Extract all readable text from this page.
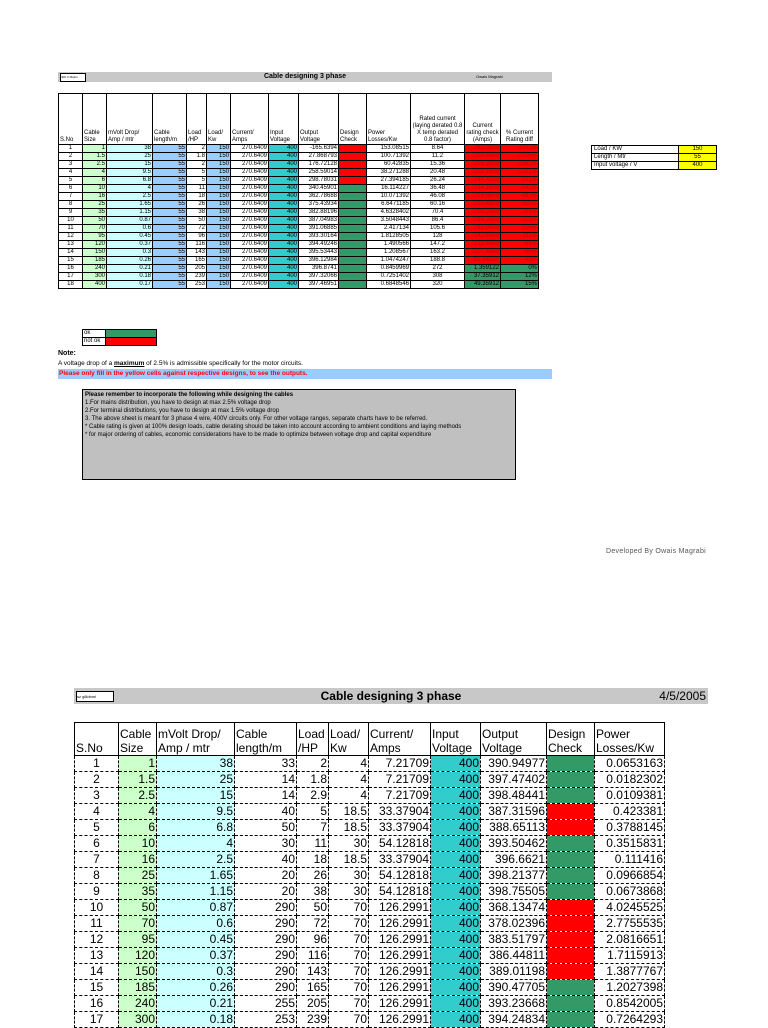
400 V Mains	Cable designing 3 phase	Owais Magrabi
S.No	Cable Size	mVolt Drop/ Amp / mtr	Cable length/m	Load /HP	Load/ Kw	Current/ Amps	Input Voltage	Output Voltage	Design Check	Power Losses/Kw	Rated current (laying derated 0.8 X temp derated 0.8 factor)	Current rating check (Amps)	% Current Rating diff
1	1	38	55	2	150	270.6409	400	-165.6394		153.08515	8.64	-262.0009	-3032%
2	1.5	25	55	1.8	150	270.6409	400	27.868793		100.71392	11.2	-259.4409	-2316%
3	2.5	15	55	2	150	270.6409	400	176.72128		60.42835	15.36	-255.2809	-1662%
4	4	9.5	55	5	150	270.6409	400	258.59014		38.271288	20.48	-250.1609	-1221%
5	6	6.8	55	5	150	270.6409	400	298.78031		27.394185	26.24	-244.4009	-931%
6	10	4	55	11	150	270.6409	400	340.45901		16.114227	36.48	-234.1609	-642%
7	16	2.5	55	18	150	270.6409	400	362.78688		10.071392	46.08	-224.5609	-487%
8	25	1.65	55	26	150	270.6409	400	375.43934		6.6471185	60.16	-210.4809	-350%
9	35	1.15	55	38	150	270.6409	400	382.88196		4.6328402	70.4	-200.2409	-284%
10	50	0.87	55	50	150	270.6409	400	387.04983		3.5048443	86.4	-184.2409	-213%
11	70	0.6	55	72	150	270.6409	400	391.06885		2.417134	105.6	-165.0409	-156%
12	95	0.45	55	96	150	270.6409	400	393.30164		1.8128505	128	-142.6409	-111%
13	120	0.37	55	116	150	270.6409	400	394.49246		1.490566	147.2	-123.4409	-84%
14	150	0.3	55	143	150	270.6409	400	395.53443		1.208567	163.2	-107.4409	-66%
15	185	0.26	55	165	150	270.6409	400	396.12984		1.0474247	188.8	-81.84088	-43%
16	240	0.21	55	205	150	270.6409	400	396.8741		0.8459969	272	1.359122	0%
17	300	0.18	55	239	150	270.6409	400	397.32066		0.7251402	308	37.35912	12%
18	400	0.17	55	253	150	270.6409	400	397.46951		0.6848546	320	49.35912	15%
Load / KW	150
Length / Mtr	55
Input voltage / V	400
ok	
not ok	
Note:
A voltage drop of a maximum of 2.5% is admissible specifically for the motor circuits.
Please only fill in the yellow cells against respective designs, to see the outputs.

Please remember to incorporate the following while designing the cables

1.For mains distribution, you have to design at max 2.5% voltage drop

2.For terminal distributions, you have to design at max 1.5% voltage drop

3. The above sheet is meant for 3 phase 4 wire, 400V circuits only. For other voltage ranges, separate charts have to be referred.

* Cable rating is given at 100% design loads, cable derating should be taken into account according to ambient conditions and laying methods

* for major ordering of cables, economic considerations have to be made to optimize between voltage drop and capital expenditure

Developed By Owais Magrabi
sz g8idnml	Cable designing 3 phase	4/5/2005
S.No	Cable Size	mVolt Drop/ Amp / mtr	Cable length/m	Load /HP	Load/ Kw	Current/ Amps	Input Voltage	Output Voltage	Design Check	Power Losses/Kw
1	1	38	33	2	4	7.21709	400	390.94977		0.0653163
2	1.5	25	14	1.8	4	7.21709	400	397.47402		0.0182302
3	2.5	15	14	2.9	4	7.21709	400	398.48441		0.0109381
4	4	9.5	40	5	18.5	33.37904	400	387.31596		0.423381
5	6	6.8	50	7	18.5	33.37904	400	388.65113		0.3788145
6	10	4	30	11	30	54.12818	400	393.50462		0.3515831
7	16	2.5	40	18	18.5	33.37904	400	396.6621		0.111416
8	25	1.65	20	26	30	54.12818	400	398.21377		0.0966854
9	35	1.15	20	38	30	54.12818	400	398.75505		0.0673868
10	50	0.87	290	50	70	126.2991	400	368.13474		4.0245525
11	70	0.6	290	72	70	126.2991	400	378.02396		2.7755535
12	95	0.45	290	96	70	126.2991	400	383.51797		2.0816651
13	120	0.37	290	116	70	126.2991	400	386.44811		1.7115913
14	150	0.3	290	143	70	126.2991	400	389.01198		1.3877767
15	185	0.26	290	165	70	126.2991	400	390.47705		1.2027398
16	240	0.21	255	205	70	126.2991	400	393.23668		0.8542005
17	300	0.18	253	239	70	126.2991	400	394.24834		0.7264293
